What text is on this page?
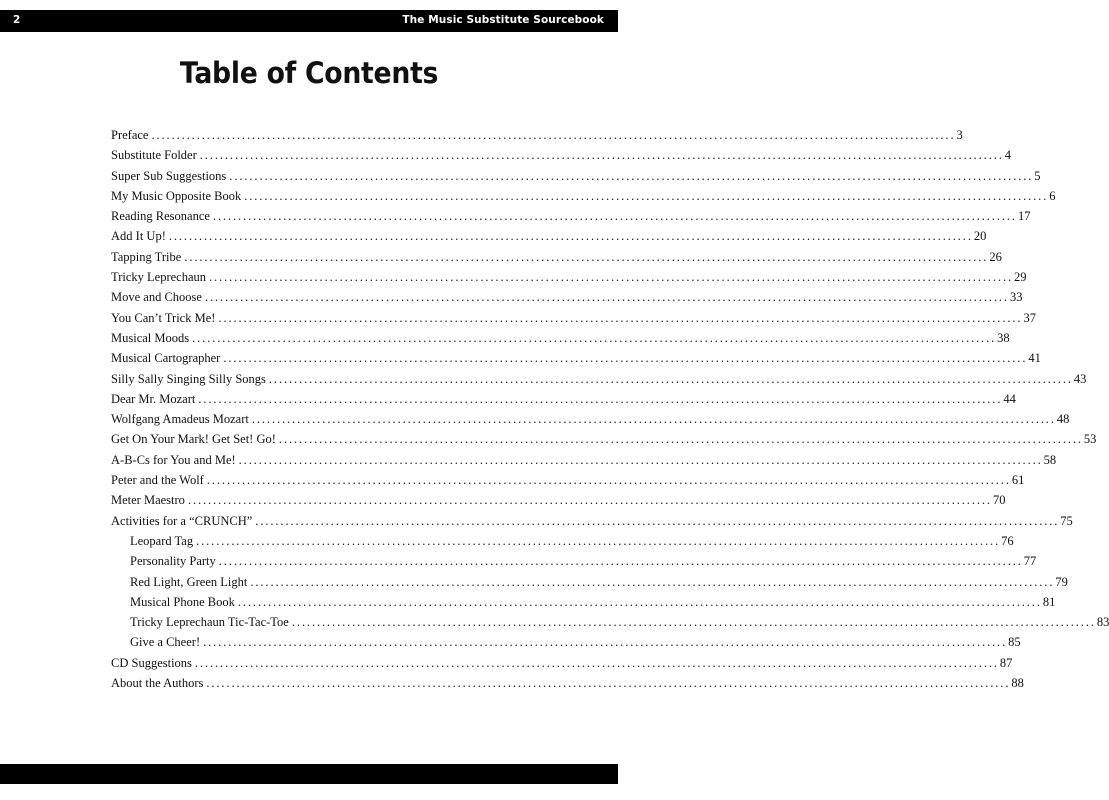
2	The Music Substitute Sourcebook
Table of Contents
Preface ................................................................................................................................................................ 3
Substitute Folder ................................................................................................................................................................ 4
Super Sub Suggestions ................................................................................................................................................................ 5
My Music Opposite Book ................................................................................................................................................................ 6
Reading Resonance ................................................................................................................................................................ 17
Add It Up! ................................................................................................................................................................ 20
Tapping Tribe ................................................................................................................................................................ 26
Tricky Leprechaun ................................................................................................................................................................ 29
Move and Choose ................................................................................................................................................................ 33
You Can’t Trick Me! ................................................................................................................................................................ 37
Musical Moods ................................................................................................................................................................ 38
Musical Cartographer ................................................................................................................................................................ 41
Silly Sally Singing Silly Songs ................................................................................................................................................................ 43
Dear Mr. Mozart ................................................................................................................................................................ 44
Wolfgang Amadeus Mozart ................................................................................................................................................................ 48
Get On Your Mark! Get Set! Go! ................................................................................................................................................................ 53
A-B-Cs for You and Me! ................................................................................................................................................................ 58
Peter and the Wolf ................................................................................................................................................................ 61
Meter Maestro ................................................................................................................................................................ 70
Activities for a “CRUNCH” ................................................................................................................................................................ 75
Leopard Tag ................................................................................................................................................................ 76
Personality Party ................................................................................................................................................................ 77
Red Light, Green Light ................................................................................................................................................................ 79
Musical Phone Book ................................................................................................................................................................ 81
Tricky Leprechaun Tic-Tac-Toe ................................................................................................................................................................ 83
Give a Cheer! ................................................................................................................................................................ 85
CD Suggestions ................................................................................................................................................................ 87
About the Authors ................................................................................................................................................................ 88
